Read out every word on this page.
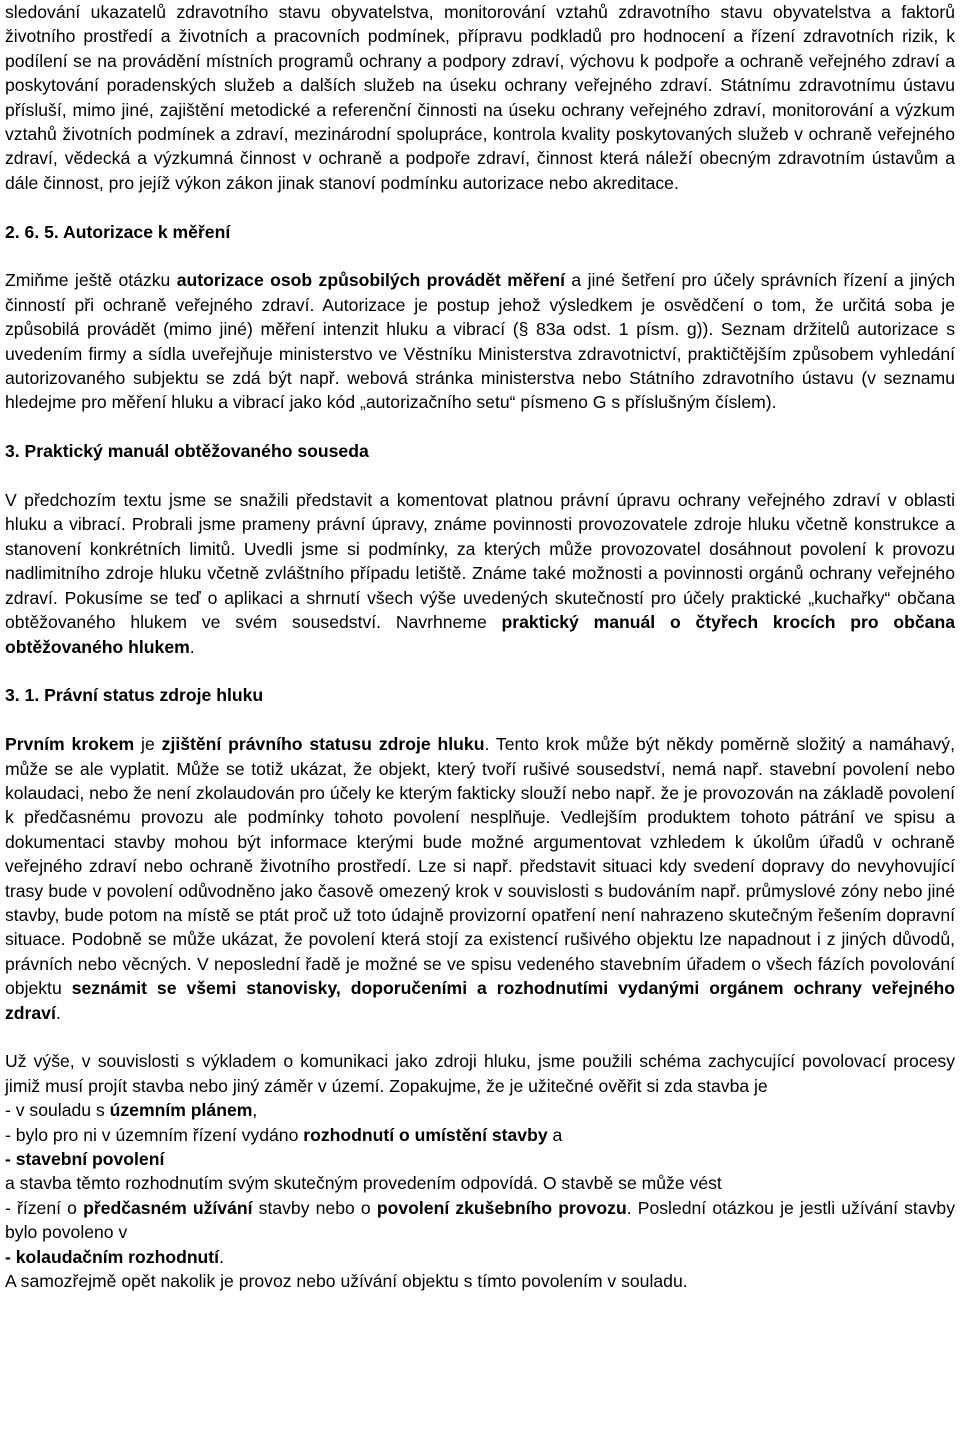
sledování ukazatelů zdravotního stavu obyvatelstva, monitorování vztahů zdravotního stavu obyvatelstva a faktorů životního prostředí a životních a pracovních podmínek, přípravu podkladů pro hodnocení a řízení zdravotních rizik, k podílení se na provádění místních programů ochrany a podpory zdraví, výchovu k podpoře a ochraně veřejného zdraví a poskytování poradenských služeb a dalších služeb na úseku ochrany veřejného zdraví. Státnímu zdravotnímu ústavu přísluší, mimo jiné, zajištění metodické a referenční činnosti na úseku ochrany veřejného zdraví, monitorování a výzkum vztahů životních podmínek a zdraví, mezinárodní spolupráce, kontrola kvality poskytovaných služeb v ochraně veřejného zdraví, vědecká a výzkumná činnost v ochraně a podpoře zdraví, činnost která náleží obecným zdravotním ústavům a dále činnost, pro jejíž výkon zákon jinak stanoví podmínku autorizace nebo akreditace.

2. 6. 5. Autorizace k měření

Zmiňme ještě otázku autorizace osob způsobilých provádět měření a jiné šetření pro účely správních řízení a jiných činností při ochraně veřejného zdraví. Autorizace je postup jehož výsledkem je osvědčení o tom, že určitá soba je způsobilá provádět (mimo jiné) měření intenzit hluku a vibrací (§ 83a odst. 1 písm. g)). Seznam držitelů autorizace s uvedením firmy a sídla uveřejňuje ministerstvo ve Věstníku Ministerstva zdravotnictví, praktičtějším způsobem vyhledání autorizovaného subjektu se zdá být např. webová stránka ministerstva nebo Státního zdravotního ústavu (v seznamu hledejme pro měření hluku a vibrací jako kód „autorizačního setu“ písmeno G s příslušným číslem).

3. Praktický manuál obtěžovaného souseda

V předchozím textu jsme se snažili představit a komentovat platnou právní úpravu ochrany veřejného zdraví v oblasti hluku a vibrací. Probrali jsme prameny právní úpravy, známe povinnosti provozovatele zdroje hluku včetně konstrukce a stanovení konkrétních limitů. Uvedli jsme si podmínky, za kterých může provozovatel dosáhnout povolení k provozu nadlimitního zdroje hluku včetně zvláštního případu letiště. Známe také možnosti a povinnosti orgánů ochrany veřejného zdraví. Pokusíme se teď o aplikaci a shrnutí všech výše uvedených skutečností pro účely praktické „kuchařky“ občana obtěžovaného hlukem ve svém sousedství. Navrhneme praktický manuál o čtyřech krocích pro občana obtěžovaného hlukem.

3. 1. Právní status zdroje hluku

Prvním krokem je zjištění právního statusu zdroje hluku. Tento krok může být někdy poměrně složitý a namáhavý, může se ale vyplatit. Může se totiž ukázat, že objekt, který tvoří rušivé sousedství, nemá např. stavební povolení nebo kolaudaci, nebo že není zkolaudován pro účely ke kterým fakticky slouží nebo např. že je provozován na základě povolení k předčasnému provozu ale podmínky tohoto povolení nesplňuje. Vedlejším produktem tohoto pátrání ve spisu a dokumentaci stavby mohou být informace kterými bude možné argumentovat vzhledem k úkolům úřadů v ochraně veřejného zdraví nebo ochraně životního prostředí. Lze si např. představit situaci kdy svedení dopravy do nevyhovující trasy bude v povolení odůvodněno jako časově omezený krok v souvislosti s budováním např. průmyslové zóny nebo jiné stavby, bude potom na místě se ptát proč už toto údajně provizorní opatření není nahrazeno skutečným řešením dopravní situace. Podobně se může ukázat, že povolení která stojí za existencí rušivého objektu lze napadnout i z jiných důvodů, právních nebo věcných. V neposlední řadě je možné se ve spisu vedeného stavebním úřadem o všech fázích povolování objektu seznámit se všemi stanovisky, doporučeními a rozhodnutími vydanými orgánem ochrany veřejného zdraví.

Už výše, v souvislosti s výkladem o komunikaci jako zdroji hluku, jsme použili schéma zachycující povolovací procesy jimiž musí projít stavba nebo jiný záměr v území. Zopakujme, že je užitečné ověřit si zda stavba je

- v souladu s územním plánem,
- bylo pro ni v územním řízení vydáno rozhodnutí o umístění stavby a
- stavební povolení
a stavba těmto rozhodnutím svým skutečným provedením odpovídá. O stavbě se může vést

- řízení o předčasném užívání stavby nebo o povolení zkušebního provozu. Poslední otázkou je jestli užívání stavby bylo povoleno v

- kolaudačním rozhodnutí.
A samozřejmě opět nakolik je provoz nebo užívání objektu s tímto povolením v souladu.
